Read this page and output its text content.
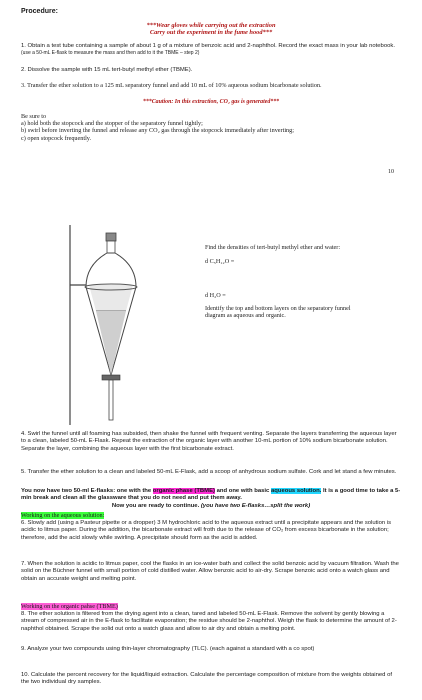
Procedure:
***Wear gloves while carrying out the extraction
Carry out the experiment in the fume hood***
1. Obtain a test tube containing a sample of about 1 g of a mixture of benzoic acid and 2-naphthol. Record the exact mass in your lab notebook. (use a 50-mL E-flask to measure the mass and then add to it the TBME – step 2)
2. Dissolve the sample with 15 mL tert-butyl methyl ether (TBME).
3. Transfer the ether solution to a 125 mL separatory funnel and add 10 mL of 10% aqueous sodium bicarbonate solution.
***Caution: In this extraction, CO₂ gas is generated***
Be sure to
a) hold both the stopcock and the stopper of the separatory funnel tightly;
b) swirl before inverting the funnel and release any CO₂ gas through the stopcock immediately after inverting;
c) open stopcock frequently.
10
Find the densities of tert-butyl methyl ether and water:
d C₅H₁₂O =
d H₂O =
Identify the top and bottom layers on the separatory funnel diagram as aqueous and organic.
4. Swirl the funnel until all foaming has subsided, then shake the funnel with frequent venting. Separate the layers transferring the aqueous layer to a clean, labeled 50-mL E-Flask. Repeat the extraction of the organic layer with another 10-mL portion of 10% sodium bicarbonate solution. Separate the layer, combining the aqueous layer with the first bicarbonate extract.
5. Transfer the ether solution to a clean and labeled 50-mL E-Flask, add a scoop of anhydrous sodium sulfate. Cork and let stand a few minutes.
You now have two 50-ml E-flasks: one with the organic phase (TBME) and one with basic aqueous solution. It is a good time to take a 5-min break and clean all the glassware that you do not need and put them away.
Now you are ready to continue. (you have two E-flasks…split the work)
Working on the aqueous solution:
6. Slowly add (using a Pasteur pipette or a dropper) 3 M hydrochloric acid to the aqueous extract until a precipitate appears and the solution is acidic to litmus paper. During the addition, the bicarbonate extract will froth due to the release of CO₂ from excess bicarbonate in the solution; therefore, add the acid slowly while swirling. A precipitate should form as the acid is added.
7. When the solution is acidic to litmus paper, cool the flasks in an ice-water bath and collect the solid benzoic acid by vacuum filtration. Wash the solid on the Büchner funnel with small portion of cold distilled water. Allow benzoic acid to air-dry. Scrape benzoic acid onto a watch glass and obtain an accurate weight and melting point.
Working on the organic pahse (TBME)
8. The ether solution is filtered from the drying agent into a clean, tared and labeled 50-mL E-Flask. Remove the solvent by gently blowing a stream of compressed air in the E-flask to facilitate evaporation; the residue should be 2-naphthol. Weigh the flask to determine the amount of 2-naphthol obtained. Scrape the solid out onto a watch glass and allow to air dry and obtain a melting point.
9. Analyze your two compounds using thin-layer chromatography (TLC). (each against a standard with a co spot)
10. Calculate the percent recovery for the liquid/liquid extraction. Calculate the percentage composition of mixture from the weights obtained of the two individual dry samples.
